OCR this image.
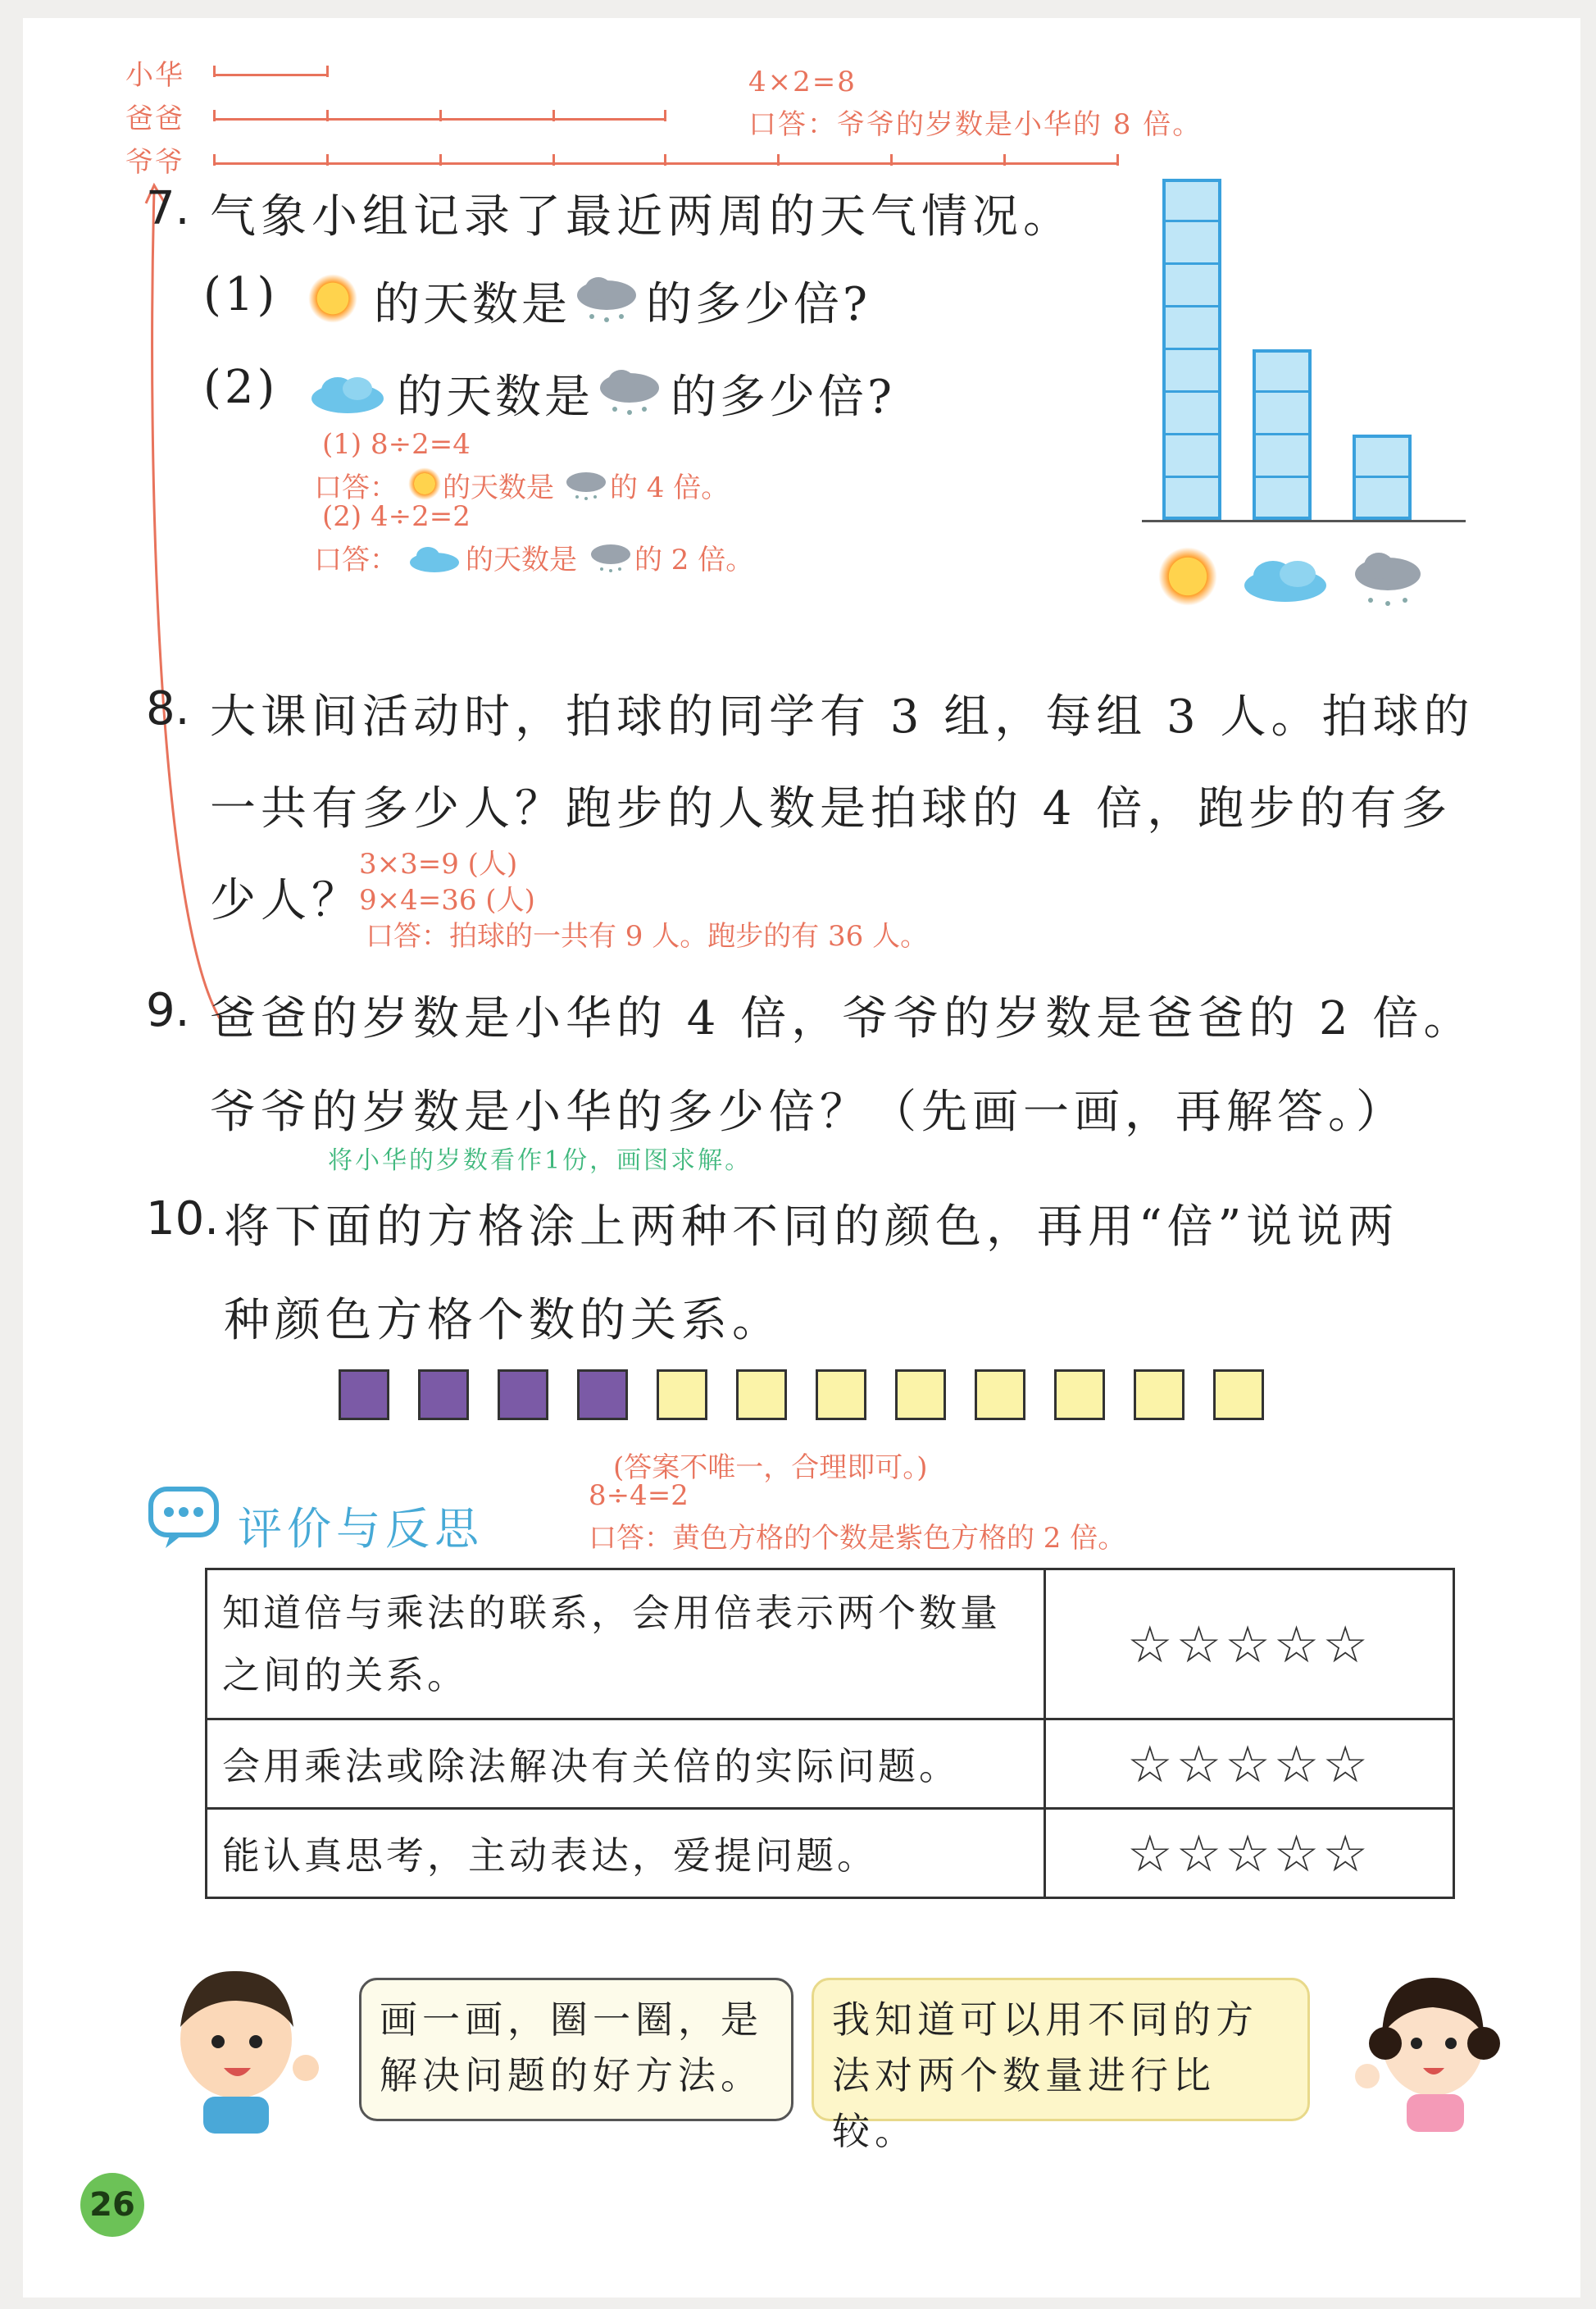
小华
爸爸
爷爷
4×2=8
口答：爷爷的岁数是小华的 8 倍。
7. 气象小组记录了最近两周的天气情况。
(1) 的天数是 的多少倍?
(2)	的天数是 的多少倍?
(1) 8÷2=4
口答： 的天数是 的 4 倍。
(2) 4÷2=2
口答： 的天数是 的 2 倍。
8. 大课间活动时，拍球的同学有 3 组，每组 3 人。拍球的
一共有多少人？跑步的人数是拍球的 4 倍，跑步的有多
少人？
3×3=9 (人)
9×4=36 (人)
口答：拍球的一共有 9 人。跑步的有 36 人。
9. 爸爸的岁数是小华的 4 倍，爷爷的岁数是爸爸的 2 倍。
爷爷的岁数是小华的多少倍？（先画一画，再解答。）
将小华的岁数看作1份，画图求解。
10. 将下面的方格涂上两种不同的颜色，再用“倍”说说两
种颜色方格个数的关系。
(答案不唯一，合理即可。)
8÷4=2
口答：黄色方格的个数是紫色方格的 2 倍。
评价与反思
知道倍与乘法的联系，会用倍表示两个数量之间的关系。	☆☆☆☆☆
会用乘法或除法解决有关倍的实际问题。	☆☆☆☆☆
能认真思考，主动表达，爱提问题。	☆☆☆☆☆
画一画，圈一圈，是解决问题的好方法。
我知道可以用不同的方法对两个数量进行比较。
26
